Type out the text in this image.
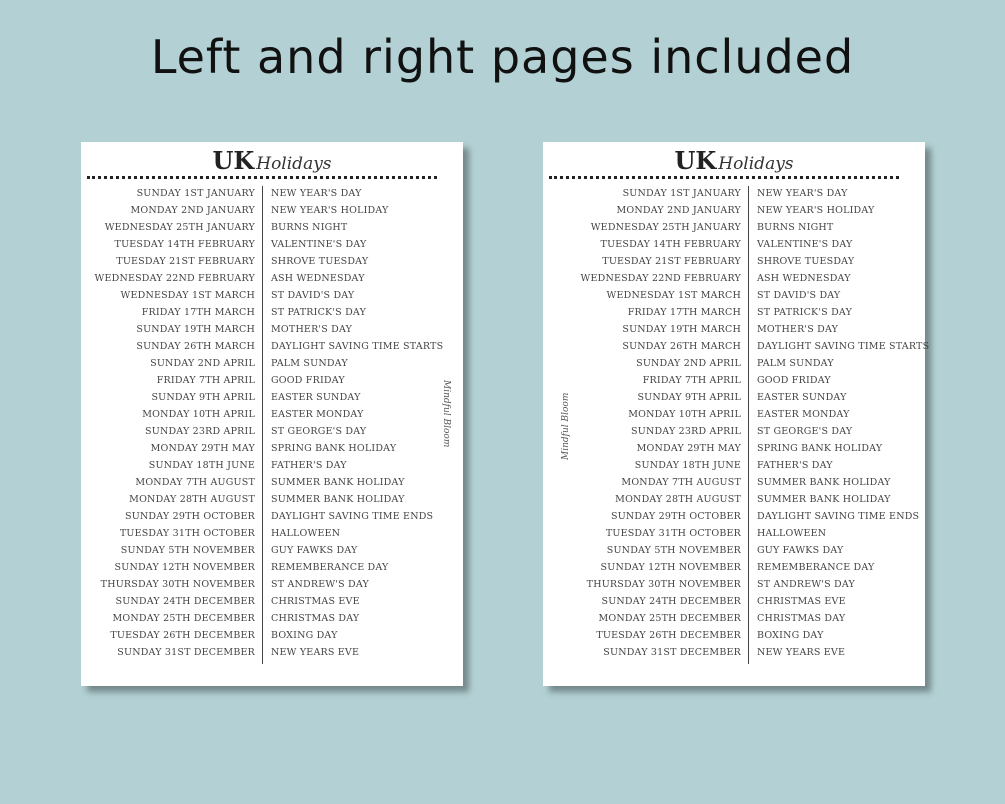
Left and right pages included
UK Holidays
SUNDAY 1ST JANUARY NEW YEAR'S DAY
MONDAY 2ND JANUARY NEW YEAR'S HOLIDAY
WEDNESDAY 25TH JANUARY BURNS NIGHT
TUESDAY 14TH FEBRUARY VALENTINE'S DAY
TUESDAY 21ST FEBRUARY SHROVE TUESDAY
WEDNESDAY 22ND FEBRUARY ASH WEDNESDAY
WEDNESDAY 1ST MARCH ST DAVID'S DAY
FRIDAY 17TH MARCH ST PATRICK'S DAY
SUNDAY 19TH MARCH MOTHER'S DAY
SUNDAY 26TH MARCH DAYLIGHT SAVING TIME STARTS
SUNDAY 2ND APRIL PALM SUNDAY
FRIDAY 7TH APRIL GOOD FRIDAY
SUNDAY 9TH APRIL EASTER SUNDAY
MONDAY 10TH APRIL EASTER MONDAY
SUNDAY 23RD APRIL ST GEORGE'S DAY
MONDAY 29TH MAY SPRING BANK HOLIDAY
SUNDAY 18TH JUNE FATHER'S DAY
MONDAY 7TH AUGUST SUMMER BANK HOLIDAY
MONDAY 28TH AUGUST SUMMER BANK HOLIDAY
SUNDAY 29TH OCTOBER DAYLIGHT SAVING TIME ENDS
TUESDAY 31TH OCTOBER HALLOWEEN
SUNDAY 5TH NOVEMBER GUY FAWKS DAY
SUNDAY 12TH NOVEMBER REMEMBERANCE DAY
THURSDAY 30TH NOVEMBER ST ANDREW'S DAY
SUNDAY 24TH DECEMBER CHRISTMAS EVE
MONDAY 25TH DECEMBER CHRISTMAS DAY
TUESDAY 26TH DECEMBER BOXING DAY
SUNDAY 31ST DECEMBER NEW YEARS EVE
Mindful Bloom
UK Holidays
SUNDAY 1ST JANUARY NEW YEAR'S DAY
MONDAY 2ND JANUARY NEW YEAR'S HOLIDAY
WEDNESDAY 25TH JANUARY BURNS NIGHT
TUESDAY 14TH FEBRUARY VALENTINE'S DAY
TUESDAY 21ST FEBRUARY SHROVE TUESDAY
WEDNESDAY 22ND FEBRUARY ASH WEDNESDAY
WEDNESDAY 1ST MARCH ST DAVID'S DAY
FRIDAY 17TH MARCH ST PATRICK'S DAY
SUNDAY 19TH MARCH MOTHER'S DAY
SUNDAY 26TH MARCH DAYLIGHT SAVING TIME STARTS
SUNDAY 2ND APRIL PALM SUNDAY
FRIDAY 7TH APRIL GOOD FRIDAY
SUNDAY 9TH APRIL EASTER SUNDAY
MONDAY 10TH APRIL EASTER MONDAY
SUNDAY 23RD APRIL ST GEORGE'S DAY
MONDAY 29TH MAY SPRING BANK HOLIDAY
SUNDAY 18TH JUNE FATHER'S DAY
MONDAY 7TH AUGUST SUMMER BANK HOLIDAY
MONDAY 28TH AUGUST SUMMER BANK HOLIDAY
SUNDAY 29TH OCTOBER DAYLIGHT SAVING TIME ENDS
TUESDAY 31TH OCTOBER HALLOWEEN
SUNDAY 5TH NOVEMBER GUY FAWKS DAY
SUNDAY 12TH NOVEMBER REMEMBERANCE DAY
THURSDAY 30TH NOVEMBER ST ANDREW'S DAY
SUNDAY 24TH DECEMBER CHRISTMAS EVE
MONDAY 25TH DECEMBER CHRISTMAS DAY
TUESDAY 26TH DECEMBER BOXING DAY
SUNDAY 31ST DECEMBER NEW YEARS EVE
Mindful Bloom
